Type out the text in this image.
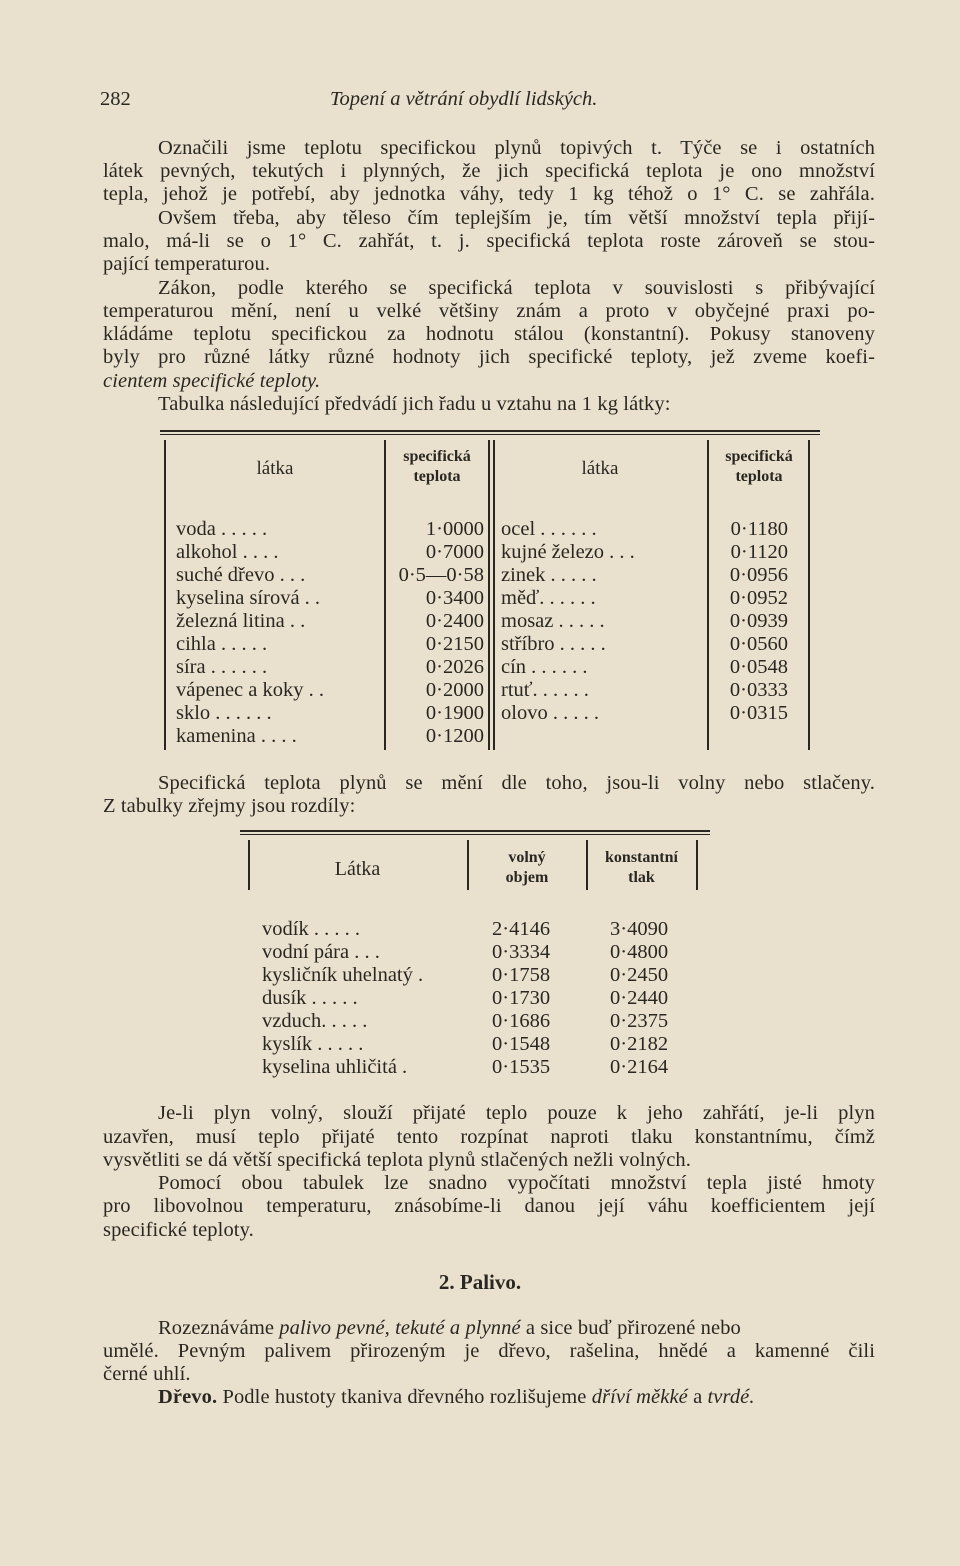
282	Topení a větrání obydlí lidských.
Označili jsme teplotu specifickou plynů topivých t. Týče se i ostatních
látek pevných, tekutých i plynných, že jich specifická teplota je ono množství
tepla, jehož je potřebí, aby jednotka váhy, tedy 1 kg téhož o 1° C. se zahřála.
Ovšem třeba, aby těleso čím teplejším je, tím větší množství tepla přijí-
malo, má-li se o 1° C. zahřát, t. j. specifická teplota roste zároveň se stou-
pající temperaturou.
Zákon, podle kterého se specifická teplota v souvislosti s přibývající
temperaturou mění, není u velké většiny znám a proto v obyčejné praxi po-
kládáme teplotu specifickou za hodnotu stálou (konstantní). Pokusy stanoveny
byly pro různé látky různé hodnoty jich specifické teploty, jež zveme koefi-
cientem specifické teploty.
Tabulka následující předvádí jich řadu u vztahu na 1 kg látky:
látka
specifická
teplota	látka
specifická
teplota
voda . . . . .
alkohol . . . .
suché dřevo . . .
kyselina sírová . .
železná litina . .
cihla . . . . .
síra . . . . . .
vápenec a koky . .
sklo . . . . . .
kamenina . . . .
1·0000
0·7000
0·5—0·58
0·3400
0·2400
0·2150
0·2026
0·2000
0·1900
0·1200
ocel . . . . . .
kujné železo . . .
zinek . . . . .
měď. . . . . .
mosaz . . . . .
stříbro . . . . .
cín . . . . . .
rtuť. . . . . .
olovo . . . . .
0·1180
0·1120
0·0956
0·0952
0·0939
0·0560
0·0548
0·0333
0·0315
Specifická teplota plynů se mění dle toho, jsou-li volny nebo stlačeny.
Z tabulky zřejmy jsou rozdíly:
Látka
volný
objem
konstantní
tlak
vodík . . . . .
vodní pára . . .
kysličník uhelnatý .
dusík . . . . .
vzduch. . . . .
kyslík . . . . .
kyselina uhličitá .
2·4146
0·3334
0·1758
0·1730
0·1686
0·1548
0·1535
3·4090
0·4800
0·2450
0·2440
0·2375
0·2182
0·2164
Je-li plyn volný, slouží přijaté teplo pouze k jeho zahřátí, je-li plyn
uzavřen, musí teplo přijaté tento rozpínat naproti tlaku konstantnímu, čímž
vysvětliti se dá větší specifická teplota plynů stlačených nežli volných.
Pomocí obou tabulek lze snadno vypočítati množství tepla jisté hmoty
pro libovolnou temperaturu, znásobíme-li danou její váhu koefficientem její
specifické teploty.
2. Palivo.
Rozeznáváme palivo pevné, tekuté a plynné a sice buď přirozené nebo
umělé. Pevným palivem přirozeným je dřevo, rašelina, hnědé a kamenné čili
černé uhlí.
Dřevo. Podle hustoty tkaniva dřevného rozlišujeme dříví měkké a tvrdé.
